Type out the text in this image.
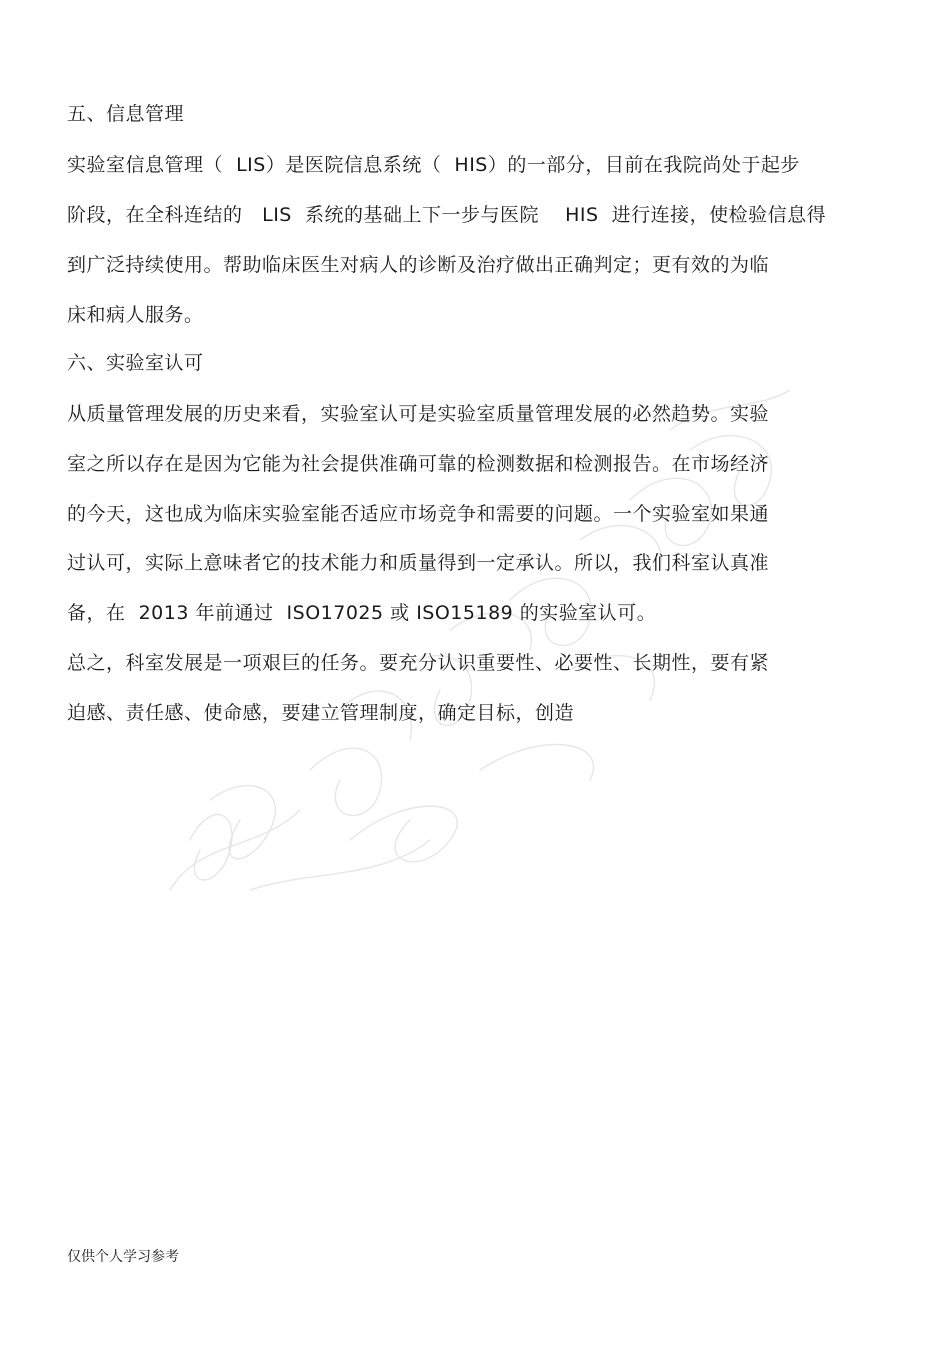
五、信息管理
实验室信息管理（  LIS）是医院信息系统（  HIS）的一部分，目前在我院尚处于起步
阶段，在全科连结的   LIS  系统的基础上下一步与医院    HIS  进行连接，使检验信息得
到广泛持续使用。帮助临床医生对病人的诊断及治疗做出正确判定；更有效的为临
床和病人服务。
六、实验室认可
从质量管理发展的历史来看，实验室认可是实验室质量管理发展的必然趋势。实验
室之所以存在是因为它能为社会提供准确可靠的检测数据和检测报告。在市场经济
的今天，这也成为临床实验室能否适应市场竞争和需要的问题。一个实验室如果通
过认可，实际上意味者它的技术能力和质量得到一定承认。所以，我们科室认真准
备，在  2013 年前通过  ISO17025 或 ISO15189 的实验室认可。
总之，科室发展是一项艰巨的任务。要充分认识重要性、必要性、长期性，要有紧
迫感、责任感、使命感，要建立管理制度，确定目标，创造
仅供个人学习参考
